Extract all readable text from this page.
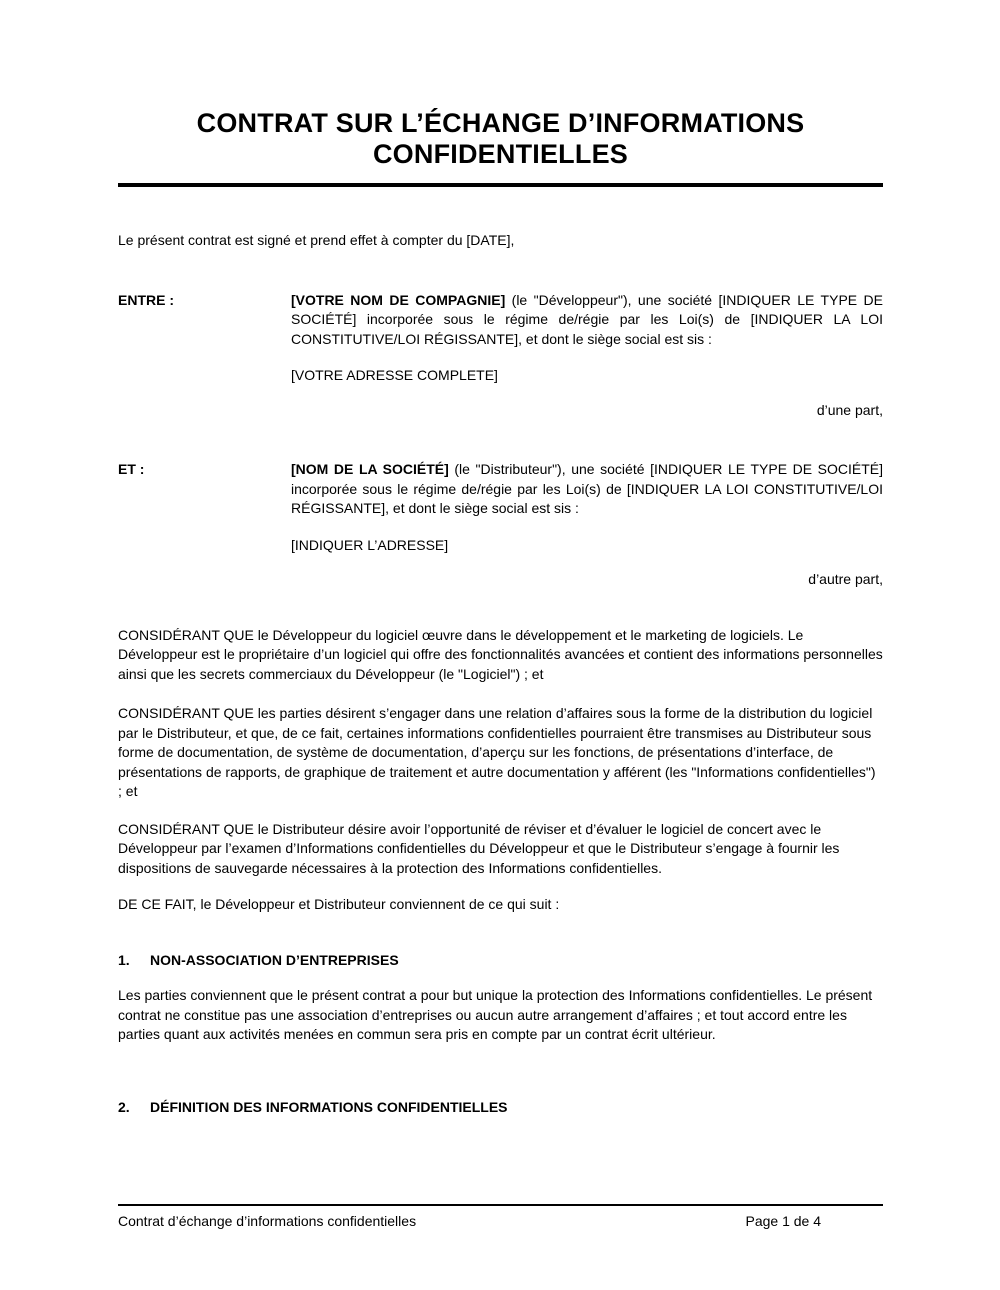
CONTRAT SUR L’ÉCHANGE D’INFORMATIONS CONFIDENTIELLES

Le présent contrat est signé et prend effet à compter du [DATE],

ENTRE :	[VOTRE NOM DE COMPAGNIE] (le "Développeur"), une société [INDIQUER LE TYPE DE SOCIÉTÉ] incorporée sous le régime de/régie par les Loi(s) de [INDIQUER LA LOI CONSTITUTIVE/LOI RÉGISSANTE], et dont le siège social est sis :

[VOTRE ADRESSE COMPLETE]

d’une part,

ET :	[NOM DE LA SOCIÉTÉ] (le "Distributeur"), une société [INDIQUER LE TYPE DE SOCIÉTÉ] incorporée sous le régime de/régie par les Loi(s) de [INDIQUER LA LOI CONSTITUTIVE/LOI RÉGISSANTE], et dont le siège social est sis :

[INDIQUER L’ADRESSE]

d’autre part,

CONSIDÉRANT QUE le Développeur du logiciel œuvre dans le développement et le marketing de logiciels. Le Développeur est le propriétaire d’un logiciel qui offre des fonctionnalités avancées et contient des informations personnelles ainsi que les secrets commerciaux du Développeur (le "Logiciel") ; et

CONSIDÉRANT QUE les parties désirent s’engager dans une relation d’affaires sous la forme de la distribution du logiciel par le Distributeur, et que, de ce fait, certaines informations confidentielles pourraient être transmises au Distributeur sous forme de documentation, de système de documentation, d’aperçu sur les fonctions, de présentations d’interface, de présentations de rapports, de graphique de traitement et autre documentation y afférent (les "Informations confidentielles") ; et

CONSIDÉRANT QUE le Distributeur désire avoir l’opportunité de réviser et d’évaluer le logiciel de concert avec le Développeur par l’examen d’Informations confidentielles du Développeur et que le Distributeur s’engage à fournir les dispositions de sauvegarde nécessaires à la protection des Informations confidentielles.

DE CE FAIT, le Développeur et Distributeur conviennent de ce qui suit :

1. NON-ASSOCIATION D’ENTREPRISES

Les parties conviennent que le présent contrat a pour but unique la protection des Informations confidentielles. Le présent contrat ne constitue pas une association d’entreprises ou aucun autre arrangement d’affaires ; et tout accord entre les parties quant aux activités menées en commun sera pris en compte par un contrat écrit ultérieur.

2. DÉFINITION DES INFORMATIONS CONFIDENTIELLES
Contrat d’échange d’informations confidentielles	Page 1 de 4
